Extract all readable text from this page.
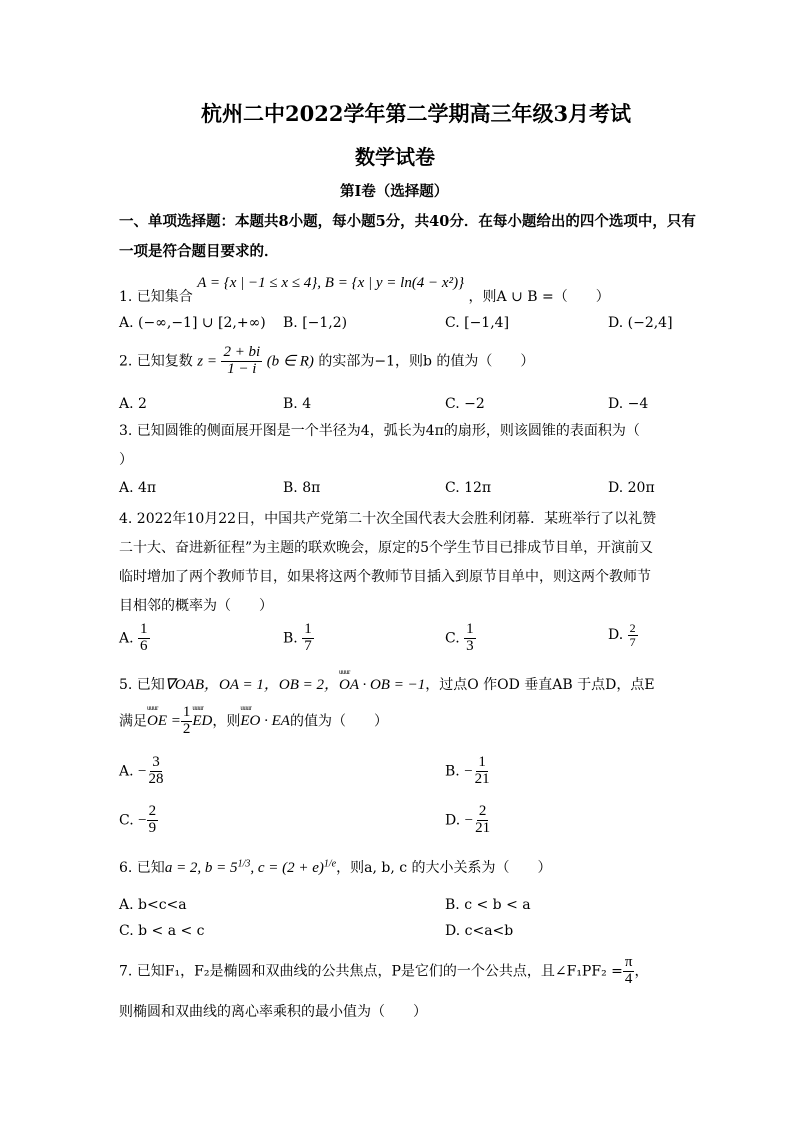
杭州二中2022学年第二学期高三年级3月考试
数学试卷
第I卷（选择题）
一、单项选择题：本题共8小题，每小题5分，共40分．在每小题给出的四个选项中，只有
一项是符合题目要求的．
1. 已知集合 A = {x | −1 ≤ x ≤ 4}, B = {x | y = ln(4 − x²)} ，则A ∪ B =（　　）
A. (−∞,−1] ∪ [2,+∞) B. [−1,2)	C. [−1,4]	D. (−2,4]
2. 已知复数 $z = \frac{2 + bi}{1 - i} (b$ ∈ R) 的实部为−1，则b 的值为（　　）
A. 2	B. 4	C. −2	D. −4
3. 已知圆锥的侧面展开图是一个半径为4，弧长为4π的扇形，则该圆锥的表面积为（
）
A. 4π	B. 8π	C. 12π	D. 20π
4. 2022年10月22日，中国共产党第二十次全国代表大会胜利闭幕．某班举行了以礼赞
二十大、奋进新征程”为主题的联欢晚会，原定的5个学生节目已排成节目单，开演前又
临时增加了两个教师节目，如果将这两个教师节目插入到原节目单中，则这两个教师节
目相邻的概率为（　　）
A. $\frac{1}{6}$	B. $\frac{1}{7}$	C. $\frac{1}{3}$	D. $\frac{2}{7}$
5. 已知∇OAB，OA = 1，OB = 2，uuur OA · OB = −1，过点O 作OD 垂直AB 于点D，点E
满足uuur OE = $\frac{1}{2}$
uuur ED，则uuur EO · EA的值为（　　）
A. − $\frac{3}{28}$	B. − $\frac{1}{21}$
C. − $\frac{2}{9}$	D. − $\frac{2}{21}$
6. 已知a = 2, $b = 5^{1/3}$, $c = (2 + e)^{1/e}$，则a, b, c 的大小关系为（　　）
A. b<c<a	B. c < b < a
C. b < a < c	D. c<a<b
7. 已知F₁，F₂是椭圆和双曲线的公共焦点，P是它们的一个公共点，且∠F₁PF₂ = $\frac{\pi}{4}$ ，
则椭圆和双曲线的离心率乘积的最小值为（　　）
